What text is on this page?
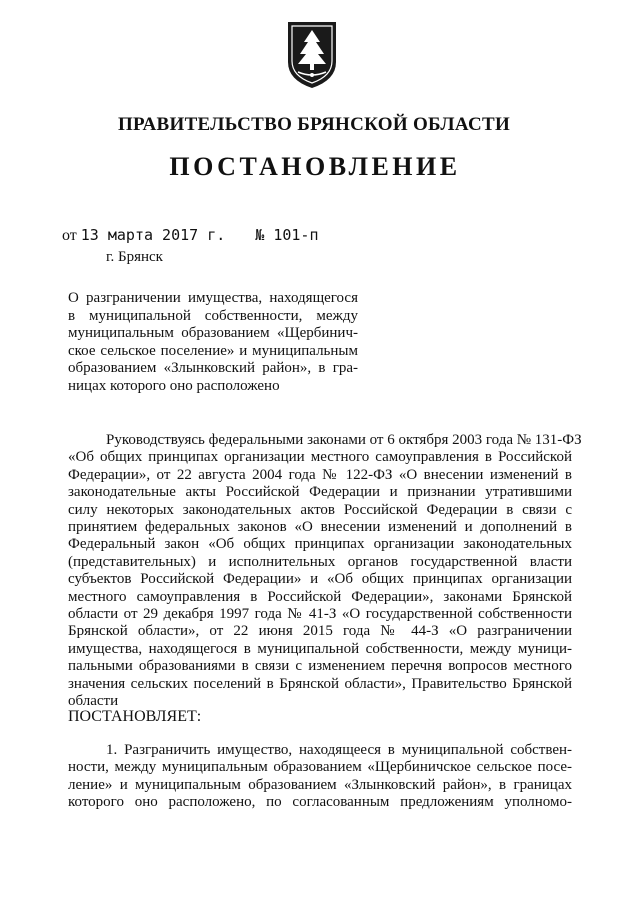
ПРАВИТЕЛЬСТВО БРЯНСКОЙ ОБЛАСТИ
ПОСТАНОВЛЕНИЕ
от 13 марта 2017 г. № 101-п
г. Брянск
О разграничении имущества, находящегося
в муниципальной собственности, между
муниципальным образованием «Щербинич-
ское сельское поселение» и муниципальным
образованием «Злынковский район», в гра-
ницах которого оно расположено
Руководствуясь федеральными законами от 6 октября 2003 года № 131-ФЗ
«Об общих принципах организации местного самоуправления в Российской
Федерации», от 22 августа 2004 года № 122-ФЗ «О внесении изменений в
законодательные акты Российской Федерации и признании утратившими
силу некоторых законодательных актов Российской Федерации в связи с
принятием федеральных законов «О внесении изменений и дополнений в
Федеральный закон «Об общих принципах организации законодательных
(представительных) и исполнительных органов государственной власти
субъектов Российской Федерации» и «Об общих принципах организации
местного самоуправления в Российской Федерации», законами Брянской
области от 29 декабря 1997 года № 41-З «О государственной собственности
Брянской области», от 22 июня 2015 года № 44-З «О разграничении
имущества, находящегося в муниципальной собственности, между муници-
пальными образованиями в связи с изменением перечня вопросов местного
значения сельских поселений в Брянской области», Правительство Брянской
области
ПОСТАНОВЛЯЕТ:
1. Разграничить имущество, находящееся в муниципальной собствен-
ности, между муниципальным образованием «Щербиничское сельское посе-
ление» и муниципальным образованием «Злынковский район», в границах
которого оно расположено, по согласованным предложениям уполномо-
